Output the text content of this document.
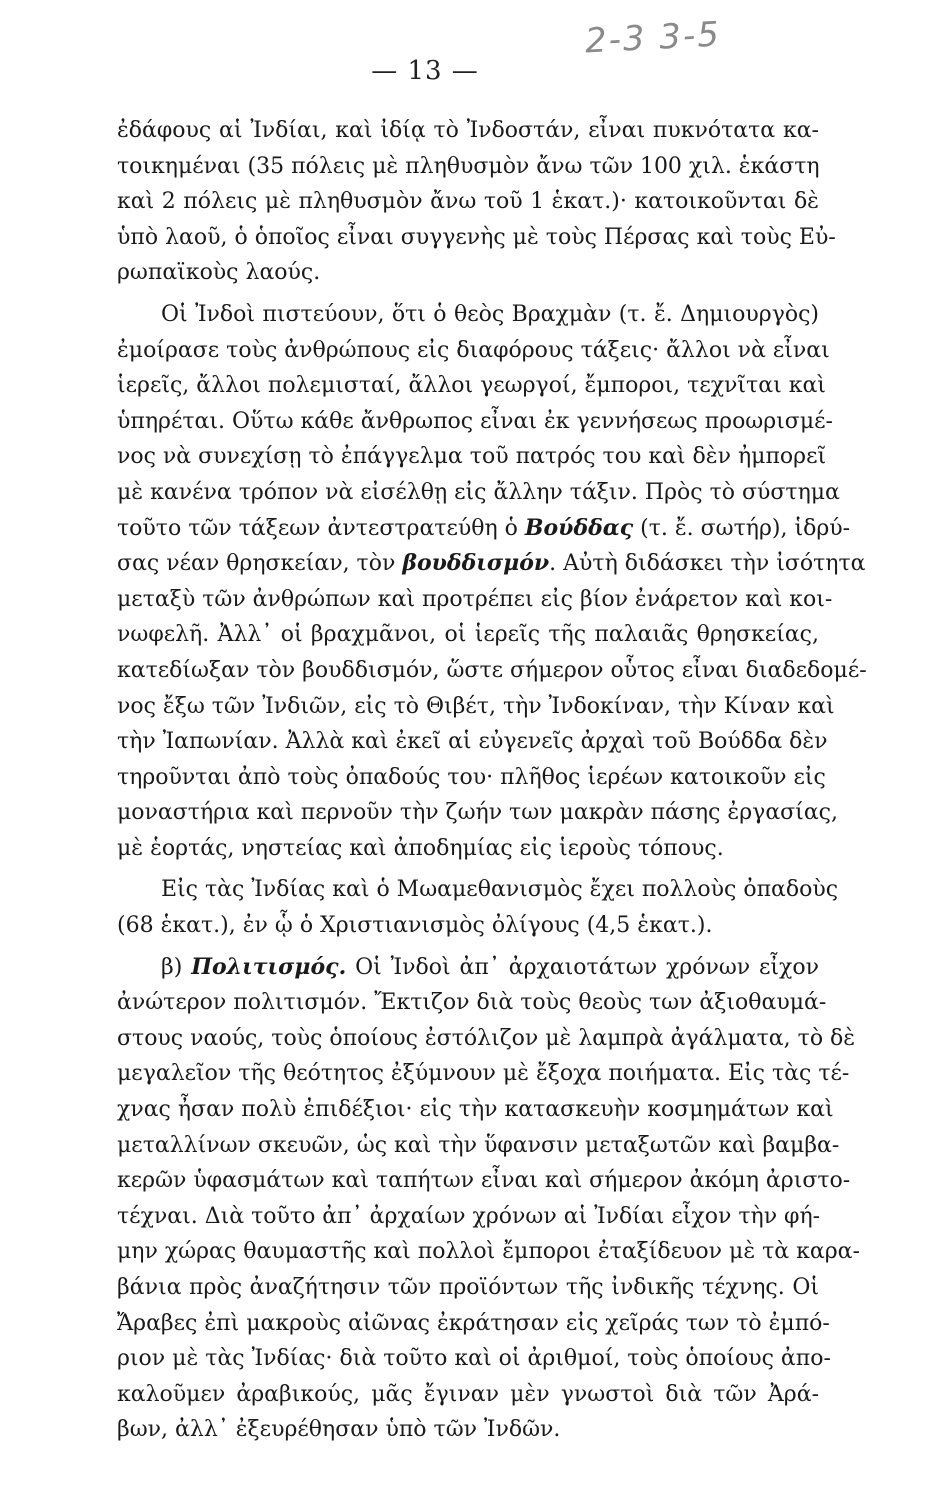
— 13 —
2-3 3-5
ἐδάφους αἱ Ἰνδίαι, καὶ ἰδίᾳ τὸ Ἰνδοστάν, εἶναι πυκνότατα κα-
τοικημέναι (35 πόλεις μὲ πληθυσμὸν ἄνω τῶν 100 χιλ. ἑκάστη
καὶ 2 πόλεις μὲ πληθυσμὸν ἄνω τοῦ 1 ἑκατ.)· κατοικοῦνται δὲ
ὑπὸ λαοῦ, ὁ ὁποῖος εἶναι συγγενὴς μὲ τοὺς Πέρσας καὶ τοὺς Εὐ-
ρωπαϊκοὺς λαούς.
Οἱ Ἰνδοὶ πιστεύουν, ὅτι ὁ θεὸς Βραχμὰν (τ. ἔ. Δημιουργὸς)
ἐμοίρασε τοὺς ἀνθρώπους εἰς διαφόρους τάξεις· ἄλλοι νὰ εἶναι
ἱερεῖς, ἄλλοι πολεμισταί, ἄλλοι γεωργοί, ἔμποροι, τεχνῖται καὶ
ὑπηρέται. Οὕτω κάθε ἄνθρωπος εἶναι ἐκ γεννήσεως προωρισμέ-
νος νὰ συνεχίσῃ τὸ ἐπάγγελμα τοῦ πατρός του καὶ δὲν ἠμπορεῖ
μὲ κανένα τρόπον νὰ εἰσέλθῃ εἰς ἄλλην τάξιν. Πρὸς τὸ σύστημα
τοῦτο τῶν τάξεων ἀντεστρατεύθη ὁ Βούδδας (τ. ἔ. σωτήρ), ἱδρύ-
σας νέαν θρησκείαν, τὸν βουδδισμόν. Αὐτὴ διδάσκει τὴν ἰσότητα
μεταξὺ τῶν ἀνθρώπων καὶ προτρέπει εἰς βίον ἐνάρετον καὶ κοι-
νωφελῆ. Ἀλλ᾽ οἱ βραχμᾶνοι, οἱ ἱερεῖς τῆς παλαιᾶς θρησκείας,
κατεδίωξαν τὸν βουδδισμόν, ὥστε σήμερον οὗτος εἶναι διαδεδομέ-
νος ἔξω τῶν Ἰνδιῶν, εἰς τὸ Θιβέτ, τὴν Ἰνδοκίναν, τὴν Κίναν καὶ
τὴν Ἰαπωνίαν. Ἀλλὰ καὶ ἐκεῖ αἱ εὐγενεῖς ἀρχαὶ τοῦ Βούδδα δὲν
τηροῦνται ἀπὸ τοὺς ὀπαδούς του· πλῆθος ἱερέων κατοικοῦν εἰς
μοναστήρια καὶ περνοῦν τὴν ζωήν των μακρὰν πάσης ἐργασίας,
μὲ ἑορτάς, νηστείας καὶ ἀποδημίας εἰς ἱεροὺς τόπους.
Εἰς τὰς Ἰνδίας καὶ ὁ Μωαμεθανισμὸς ἔχει πολλοὺς ὀπαδοὺς
(68 ἑκατ.), ἐν ᾧ ὁ Χριστιανισμὸς ὀλίγους (4,5 ἑκατ.).
β) Πολιτισμός. Οἱ Ἰνδοὶ ἀπ᾽ ἀρχαιοτάτων χρόνων εἶχον
ἀνώτερον πολιτισμόν. Ἔκτιζον διὰ τοὺς θεοὺς των ἀξιοθαυμά-
στους ναούς, τοὺς ὁποίους ἐστόλιζον μὲ λαμπρὰ ἀγάλματα, τὸ δὲ
μεγαλεῖον τῆς θεότητος ἐξύμνουν μὲ ἔξοχα ποιήματα. Εἰς τὰς τέ-
χνας ἦσαν πολὺ ἐπιδέξιοι· εἰς τὴν κατασκευὴν κοσμημάτων καὶ
μεταλλίνων σκευῶν, ὡς καὶ τὴν ὕφανσιν μεταξωτῶν καὶ βαμβα-
κερῶν ὑφασμάτων καὶ ταπήτων εἶναι καὶ σήμερον ἀκόμη ἀριστο-
τέχναι. Διὰ τοῦτο ἀπ᾽ ἀρχαίων χρόνων αἱ Ἰνδίαι εἶχον τὴν φή-
μην χώρας θαυμαστῆς καὶ πολλοὶ ἔμποροι ἐταξίδευον μὲ τὰ καρα-
βάνια πρὸς ἀναζήτησιν τῶν προϊόντων τῆς ἰνδικῆς τέχνης. Οἱ
Ἄραβες ἐπὶ μακροὺς αἰῶνας ἐκράτησαν εἰς χεῖράς των τὸ ἐμπό-
ριον μὲ τὰς Ἰνδίας· διὰ τοῦτο καὶ οἱ ἀριθμοί, τοὺς ὁποίους ἀπο-
καλοῦμεν ἀραβικούς, μᾶς ἔγιναν μὲν γνωστοὶ διὰ τῶν Ἀρά-
βων, ἀλλ᾽ ἐξευρέθησαν ὑπὸ τῶν Ἰνδῶν.
